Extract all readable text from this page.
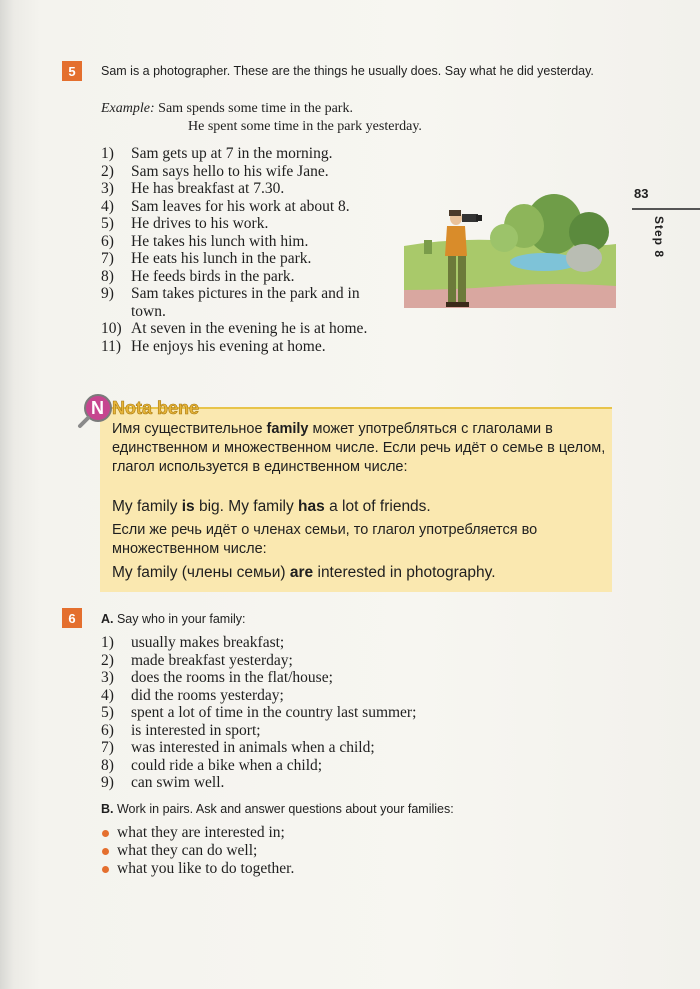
5	Sam is a photographer. These are the things he usually does. Say what he did yesterday.
Example: Sam spends some time in the park.
He spent some time in the park yesterday.
1) Sam gets up at 7 in the morning.
2) Sam says hello to his wife Jane.
3) He has breakfast at 7.30.
4) Sam leaves for his work at about 8.
5) He drives to his work.
6) He takes his lunch with him.
7) He eats his lunch in the park.
8) He feeds birds in the park.
9) Sam takes pictures in the park and in town.
10) At seven in the evening he is at home.
11) He enjoys his evening at home.
83
Step 8
N Nota bene
Имя существительное family может употребляться с глаголами в единственном и множественном числе. Если речь идёт о семье в целом, глагол используется в единственном числе:
My family is big. My family has a lot of friends.
Если же речь идёт о членах семьи, то глагол употребляется во множественном числе:
My family (члены семьи) are interested in photography.
6	A. Say who in your family:
1) usually makes breakfast;
2) made breakfast yesterday;
3) does the rooms in the flat/house;
4) did the rooms yesterday;
5) spent a lot of time in the country last summer;
6) is interested in sport;
7) was interested in animals when a child;
8) could ride a bike when a child;
9) can swim well.
B. Work in pairs. Ask and answer questions about your families:
what they are interested in;
what they can do well;
what you like to do together.
